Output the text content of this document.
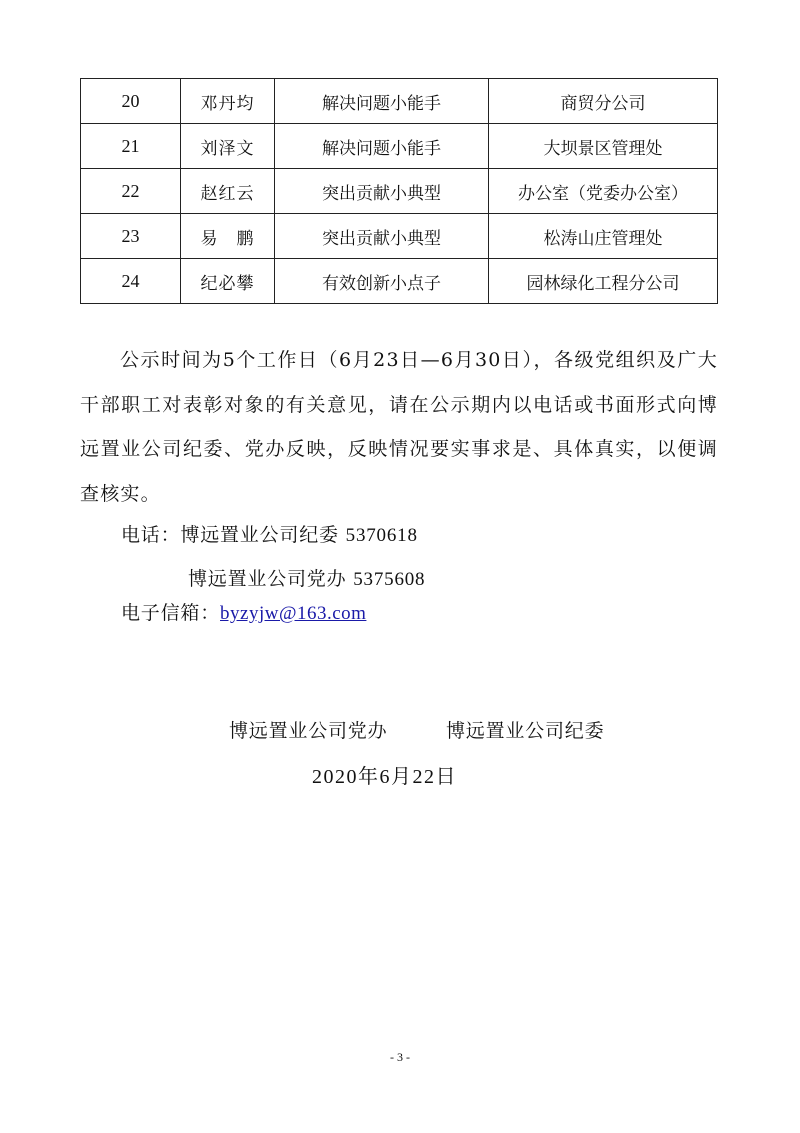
20	邓丹均	解决问题小能手	商贸分公司
21	刘泽文	解决问题小能手	大坝景区管理处
22	赵红云	突出贡献小典型	办公室（党委办公室）
23	易　鹏	突出贡献小典型	松涛山庄管理处
24	纪必攀	有效创新小点子	园林绿化工程分公司

公示时间为5个工作日（6月23日—6月30日），各级党组织及广大干部职工对表彰对象的有关意见，请在公示期内以电话或书面形式向博远置业公司纪委、党办反映，反映情况要实事求是、具体真实，以便调查核实。

电话：博远置业公司纪委 5370618
博远置业公司党办 5375608
电子信箱：byzyjw@163.com
博远置业公司党办	博远置业公司纪委
2020年6月22日
- 3 -
